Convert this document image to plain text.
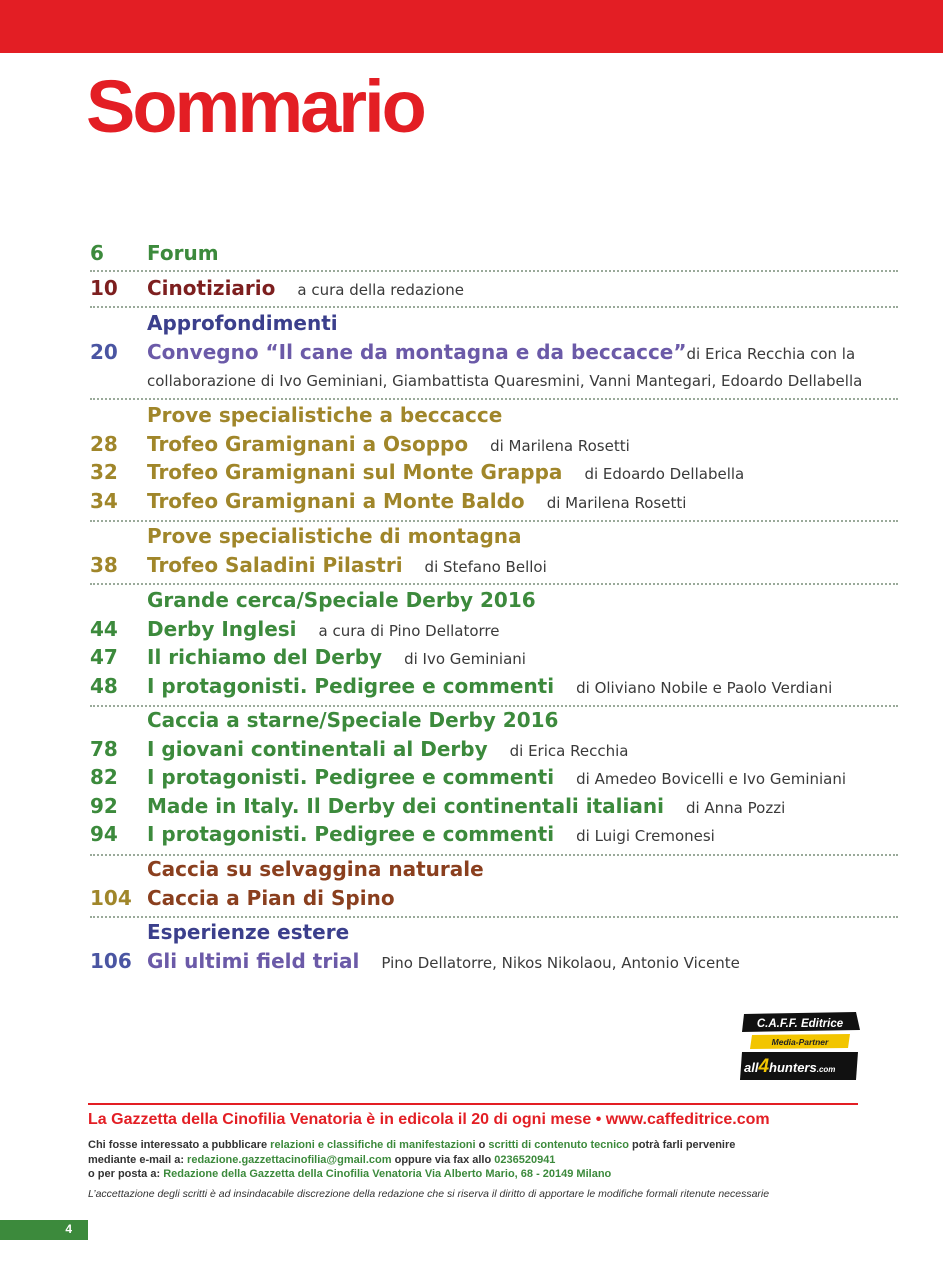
Sommario
6 Forum
10 Cinotiziario a cura della redazione
Approfondimenti
20 Convegno “Il cane da montagna e da beccacce”di Erica Recchia con la
collaborazione di Ivo Geminiani, Giambattista Quaresmini, Vanni Mantegari, Edoardo Dellabella
Prove specialistiche a beccacce
28 Trofeo Gramignani a Osoppo di Marilena Rosetti
32 Trofeo Gramignani sul Monte Grappa di Edoardo Dellabella
34 Trofeo Gramignani a Monte Baldo di Marilena Rosetti
Prove specialistiche di montagna
38 Trofeo Saladini Pilastri di Stefano Belloi
Grande cerca/Speciale Derby 2016
44 Derby Inglesi a cura di Pino Dellatorre
47 Il richiamo del Derby di Ivo Geminiani
48 I protagonisti. Pedigree e commenti di Oliviano Nobile e Paolo Verdiani
Caccia a starne/Speciale Derby 2016
78 I giovani continentali al Derby di Erica Recchia
82 I protagonisti. Pedigree e commenti di Amedeo Bovicelli e Ivo Geminiani
92 Made in Italy. Il Derby dei continentali italiani di Anna Pozzi
94 I protagonisti. Pedigree e commenti di Luigi Cremonesi
Caccia su selvaggina naturale
104 Caccia a Pian di Spino
Esperienze estere
106 Gli ultimi field trial Pino Dellatorre, Nikos Nikolaou, Antonio Vicente
C.A.F.F. Editrice
Media-Partner
all4hunters.com

La Gazzetta della Cinofilia Venatoria è in edicola il 20 di ogni mese • www.caffeditrice.com

Chi fosse interessato a pubblicare relazioni e classifiche di manifestazioni o scritti di contenuto tecnico potrà farli pervenire
mediante e-mail a: redazione.gazzettacinofilia@gmail.com oppure via fax allo 0236520941
o per posta a: Redazione della Gazzetta della Cinofilia Venatoria Via Alberto Mario, 68 - 20149 Milano
L’accettazione degli scritti è ad insindacabile discrezione della redazione che si riserva il diritto di apportare le modifiche formali ritenute necessarie
4
